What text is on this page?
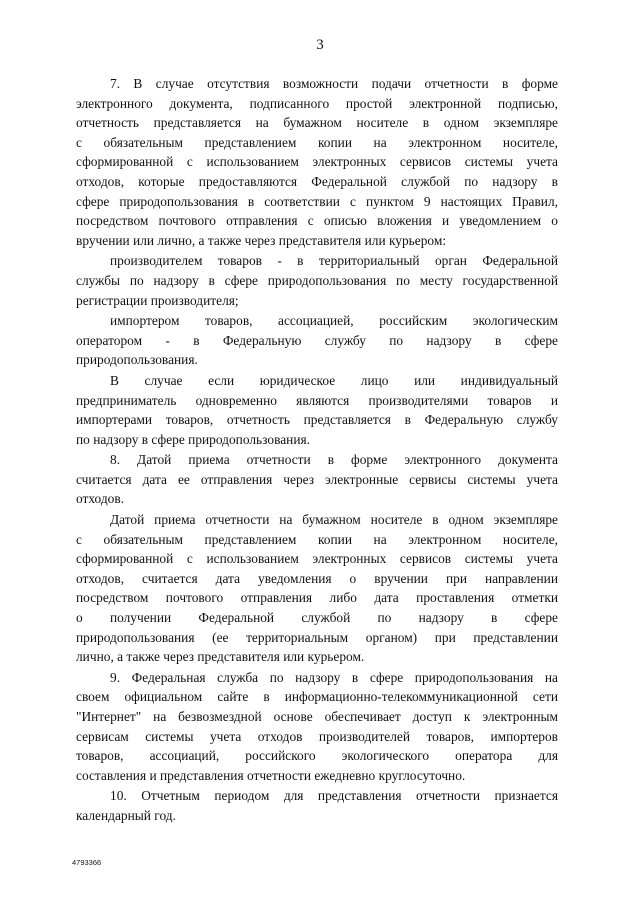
3
7. В случае отсутствия возможности подачи отчетности в форме
электронного документа, подписанного простой электронной подписью,
отчетность представляется на бумажном носителе в одном экземпляре
с обязательным представлением копии на электронном носителе,
сформированной с использованием электронных сервисов системы учета
отходов, которые предоставляются Федеральной службой по надзору в
сфере природопользования в соответствии с пунктом 9 настоящих Правил,
посредством почтового отправления с описью вложения и уведомлением о
вручении или лично, а также через представителя или курьером:
производителем товаров - в территориальный орган Федеральной
службы по надзору в сфере природопользования по месту государственной
регистрации производителя;
импортером товаров, ассоциацией, российским экологическим
оператором - в Федеральную службу по надзору в сфере
природопользования.
В случае если юридическое лицо или индивидуальный
предприниматель одновременно являются производителями товаров и
импортерами товаров, отчетность представляется в Федеральную службу
по надзору в сфере природопользования.
8. Датой приема отчетности в форме электронного документа
считается дата ее отправления через электронные сервисы системы учета
отходов.
Датой приема отчетности на бумажном носителе в одном экземпляре
с обязательным представлением копии на электронном носителе,
сформированной с использованием электронных сервисов системы учета
отходов, считается дата уведомления о вручении при направлении
посредством почтового отправления либо дата проставления отметки
о получении Федеральной службой по надзору в сфере
природопользования (ее территориальным органом) при представлении
лично, а также через представителя или курьером.
9. Федеральная служба по надзору в сфере природопользования на
своем официальном сайте в информационно-телекоммуникационной сети
"Интернет" на безвозмездной основе обеспечивает доступ к электронным
сервисам системы учета отходов производителей товаров, импортеров
товаров, ассоциаций, российского экологического оператора для
составления и представления отчетности ежедневно круглосуточно.
10. Отчетным периодом для представления отчетности признается
календарный год.
4793366
